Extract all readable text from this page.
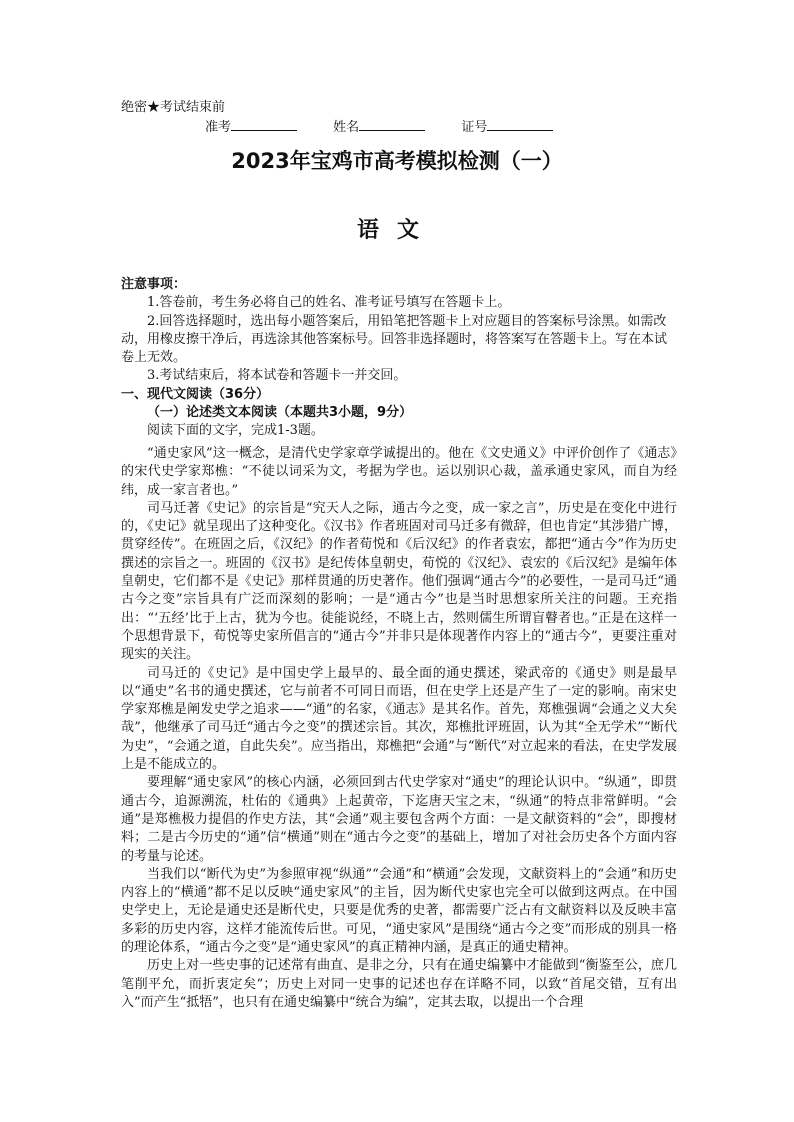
绝密★考试结束前
准考	姓名	证号
2023年宝鸡市高考模拟检测（一）
语文
注意事项：

1.答卷前，考生务必将自己的姓名、准考证号填写在答题卡上。

2.回答选择题时，选出每小题答案后，用铅笔把答题卡上对应题目的答案标号涂黑。如需改动，用橡皮擦干净后，再选涂其他答案标号。回答非选择题时，将答案写在答题卡上。写在本试卷上无效。

3.考试结束后，将本试卷和答题卡一并交回。

一、现代文阅读（36分）

（一）论述类文本阅读（本题共3小题，9分）

阅读下面的文字，完成1-3题。

“通史家风”这一概念，是清代史学家章学诚提出的。他在《文史通义》中评价创作了《通志》的宋代史学家郑樵：“不徒以词采为文，考据为学也。运以别识心裁，盖承通史家风，而自为经纬，成一家言者也。”

司马迁著《史记》的宗旨是“究天人之际，通古今之变，成一家之言”，历史是在变化中进行的，《史记》就呈现出了这种变化。《汉书》作者班固对司马迁多有微辞，但也肯定“其涉猎广博，贯穿经传”。在班固之后，《汉纪》的作者荀悦和《后汉纪》的作者袁宏，都把“通古今”作为历史撰述的宗旨之一。班固的《汉书》是纪传体皇朝史，荀悦的《汉纪》、袁宏的《后汉纪》是编年体皇朝史，它们都不是《史记》那样贯通的历史著作。他们强调“通古今”的必要性，一是司马迁“通古今之变”宗旨具有广泛而深刻的影响；一是“通古今”也是当时思想家所关注的问题。王充指出：“‘五经’比于上古，犹为今也。徒能说经，不晓上古，然则儒生所谓盲瞽者也。”正是在这样一个思想背景下，荀悦等史家所倡言的“通古今”并非只是体现著作内容上的“通古今”，更要注重对现实的关注。

司马迁的《史记》是中国史学上最早的、最全面的通史撰述，梁武帝的《通史》则是最早以“通史”名书的通史撰述，它与前者不可同日而语，但在史学上还是产生了一定的影响。南宋史学家郑樵是阐发史学之追求——“通”的名家，《通志》是其名作。首先，郑樵强调“会通之义大矣哉”，他继承了司马迁“通古今之变”的撰述宗旨。其次，郑樵批评班固，认为其“全无学术”“断代为史”，“会通之道，自此失矣”。应当指出，郑樵把“会通”与“断代”对立起来的看法，在史学发展上是不能成立的。

要理解“通史家风”的核心内涵，必须回到古代史学家对“通史”的理论认识中。“纵通”，即贯通古今，追源溯流，杜佑的《通典》上起黄帝，下迄唐天宝之末，“纵通”的特点非常鲜明。“会通”是郑樵极力提倡的作史方法，其“会通”观主要包含两个方面：一是文献资料的“会”，即搜材料；二是古今历史的“通”信“横通”则在“通古今之变”的基础上，增加了对社会历史各个方面内容的考量与论述。

当我们以“断代为史”为参照审视“纵通”“会通”和“横通”会发现，文献资料上的“会通”和历史内容上的“横通”都不足以反映“通史家风”的主旨，因为断代史家也完全可以做到这两点。在中国史学史上，无论是通史还是断代史，只要是优秀的史著，都需要广泛占有文献资料以及反映丰富多彩的历史内容，这样才能流传后世。可见，“通史家风”是围绕“通古今之变”而形成的别具一格的理论体系，“通古今之变”是“通史家风”的真正精神内涵，是真正的通史精神。

历史上对一些史事的记述常有曲直、是非之分，只有在通史编纂中才能做到“衡鉴至公，庶几笔削平允，而折衷定矣”；历史上对同一史事的记述也存在详略不同，以致“首尾交错，互有出入”而产生“抵牾”，也只有在通史编纂中“统合为编”，定其去取，以提出一个合理
